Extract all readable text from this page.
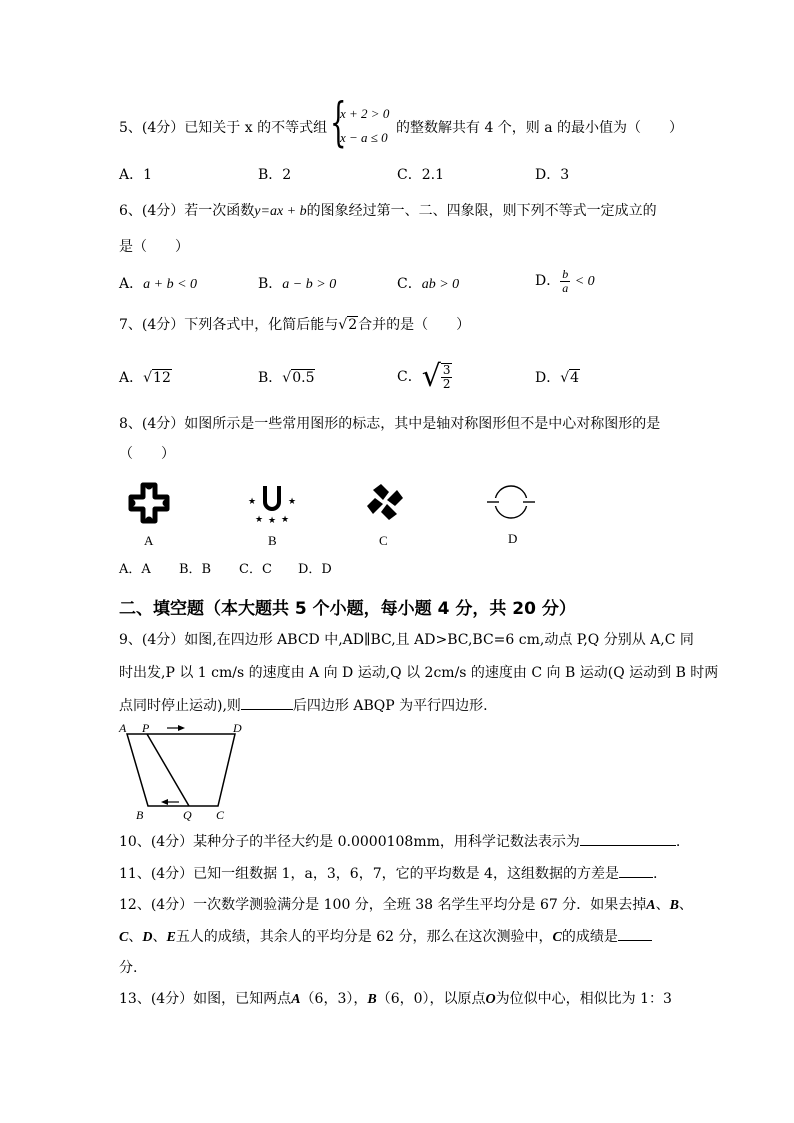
5、(4分）已知关于 x 的不等式组 {
x + 2 > 0
x − a ≤ 0
的整数解共有 4 个，则 a 的最小值为（　　）
A．1	B．2	C．2.1	D．3
6、(4分）若一次函数y=ax + b的图象经过第一、二、四象限，则下列不等式一定成立的
是（　　）
A．a + b < 0	B．a − b > 0	C．ab > 0	D． $\frac{b}{a} < 0$
7、(4分）下列各式中，化简后能与√2合并的是（　　）
A．√12	B．√0.5	C．√ $\frac{3}{2}$	D．√4
8、(4分）如图所示是一些常用图形的标志，其中是轴对称图形但不是中心对称图形的是
（　　）
★	★
★ ★ ★
A	B	C	D
A．A B．B C．C D．D
二、填空题（本大题共 5 个小题，每小题 4 分，共 20 分）
9、(4分）如图,在四边形 ABCD 中,AD∥BC,且 AD>BC,BC=6 cm,动点 P,Q 分别从 A,C 同
时出发,P 以 1 cm/s 的速度由 A 向 D 运动,Q 以 2cm/s 的速度由 C 向 B 运动(Q 运动到 B 时两
点同时停止运动),则	后四边形 ABQP 为平行四边形.
A P	D
B	Q C
10、(4分）某种分子的半径大约是 0.0000108mm，用科学记数法表示为	.
11、(4分）已知一组数据 1，a，3，6，7，它的平均数是 4，这组数据的方差是 .
12、(4分）一次数学测验满分是 100 分，全班 38 名学生平均分是 67 分．如果去掉A、B、
C、D、E五人的成绩，其余人的平均分是 62 分，那么在这次测验中，C的成绩是
分.
13、(4分）如图，已知两点A（6，3），B（6，0），以原点O为位似中心，相似比为 1：3
